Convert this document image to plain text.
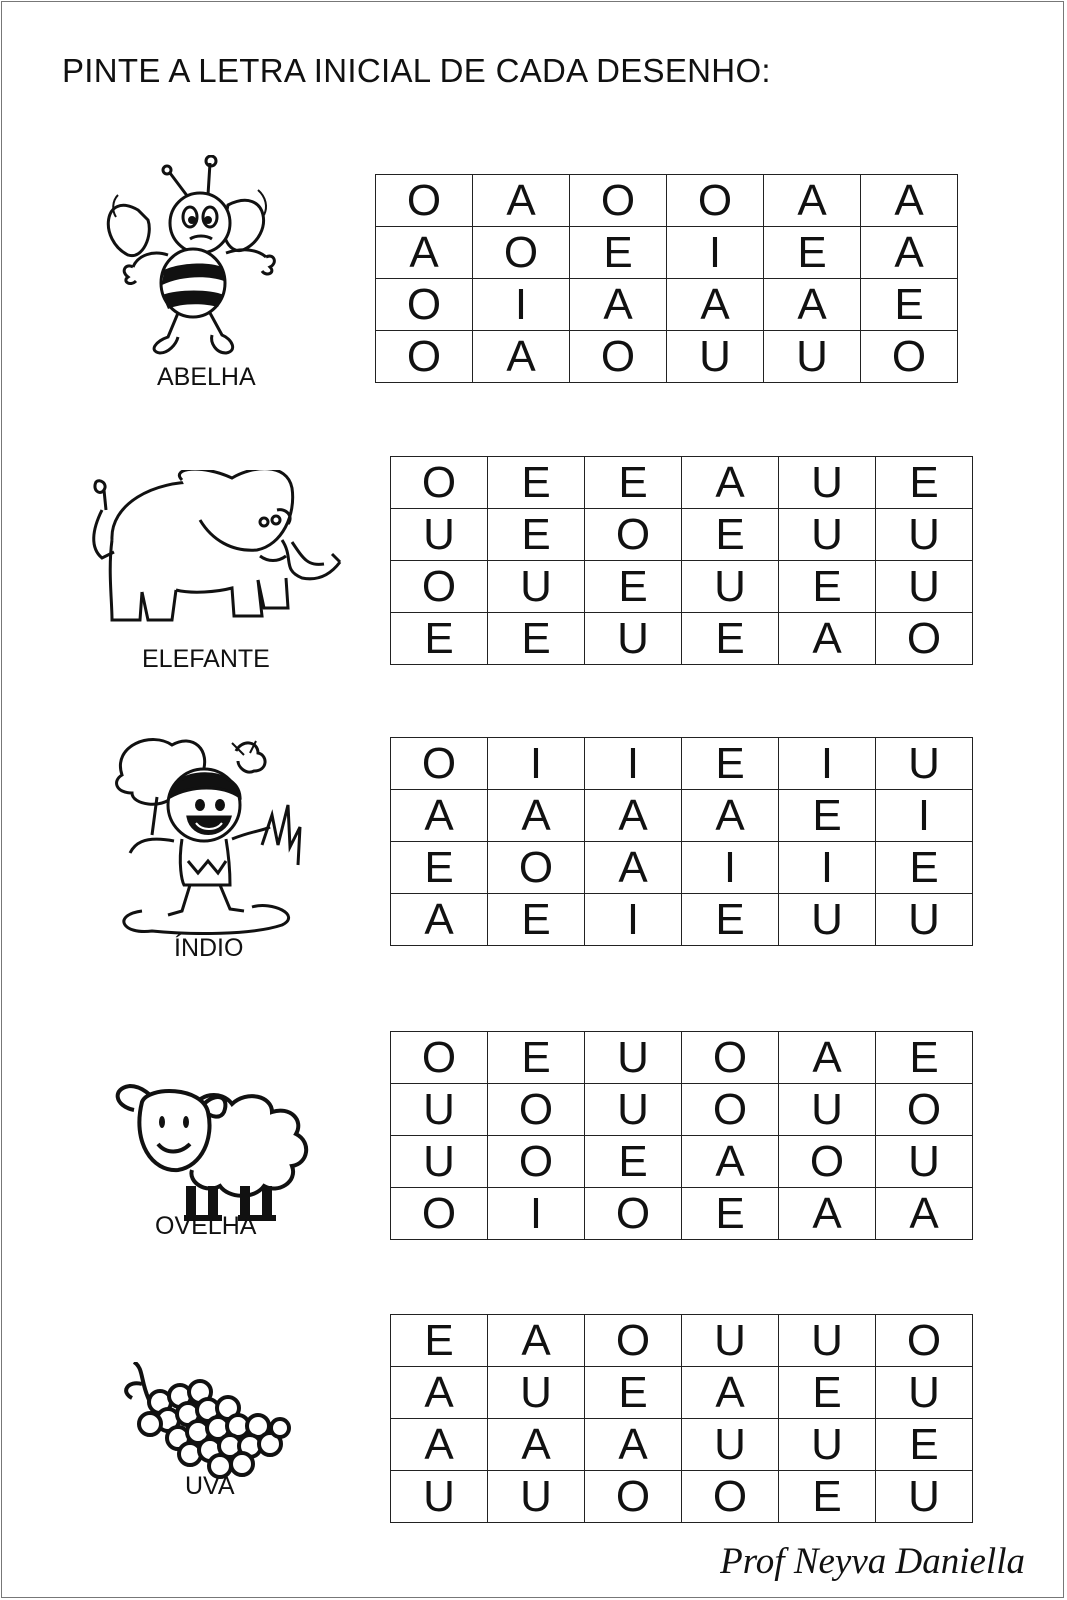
PINTE A LETRA INICIAL DE CADA DESENHO:
ABELHA
O	A	O	O	A	A
A	O	E	I	E	A
O	I	A	A	A	E
O	A	O	U	U	O
ELEFANTE
O	E	E	A	U	E
U	E	O	E	U	U
O	U	E	U	E	U
E	E	U	E	A	O
ÍNDIO
O	I	I	E	I	U
A	A	A	A	E	I
E	O	A	I	I	E
A	E	I	E	U	U
OVELHA
O	E	U	O	A	E
U	O	U	O	U	O
U	O	E	A	O	U
O	I	O	E	A	A
UVA
E	A	O	U	U	O
A	U	E	A	E	U
A	A	A	U	U	E
U	U	O	O	E	U
Prof Neyva Daniella
